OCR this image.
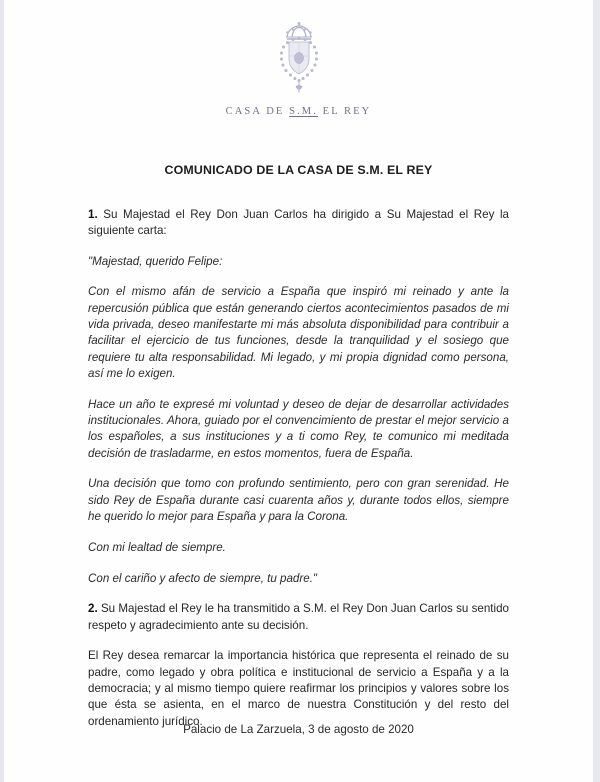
CASA DE S.M. EL REY
COMUNICADO DE LA CASA DE S.M. EL REY

1. Su Majestad el Rey Don Juan Carlos ha dirigido a Su Majestad el Rey la siguiente carta:

"Majestad, querido Felipe:

Con el mismo afán de servicio a España que inspiró mi reinado y ante la repercusión pública que están generando ciertos acontecimientos pasados de mi vida privada, deseo manifestarte mi más absoluta disponibilidad para contribuir a facilitar el ejercicio de tus funciones, desde la tranquilidad y el sosiego que requiere tu alta responsabilidad. Mi legado, y mi propia dignidad como persona, así me lo exigen.

Hace un año te expresé mi voluntad y deseo de dejar de desarrollar actividades institucionales. Ahora, guiado por el convencimiento de prestar el mejor servicio a los españoles, a sus instituciones y a ti como Rey, te comunico mi meditada decisión de trasladarme, en estos momentos, fuera de España.

Una decisión que tomo con profundo sentimiento, pero con gran serenidad. He sido Rey de España durante casi cuarenta años y, durante todos ellos, siempre he querido lo mejor para España y para la Corona.

Con mi lealtad de siempre.

Con el cariño y afecto de siempre, tu padre."

2. Su Majestad el Rey le ha transmitido a S.M. el Rey Don Juan Carlos su sentido respeto y agradecimiento ante su decisión.

El Rey desea remarcar la importancia histórica que representa el reinado de su padre, como legado y obra política e institucional de servicio a España y a la democracia; y al mismo tiempo quiere reafirmar los principios y valores sobre los que ésta se asienta, en el marco de nuestra Constitución y del resto del ordenamiento jurídico.

Palacio de La Zarzuela, 3 de agosto de 2020
